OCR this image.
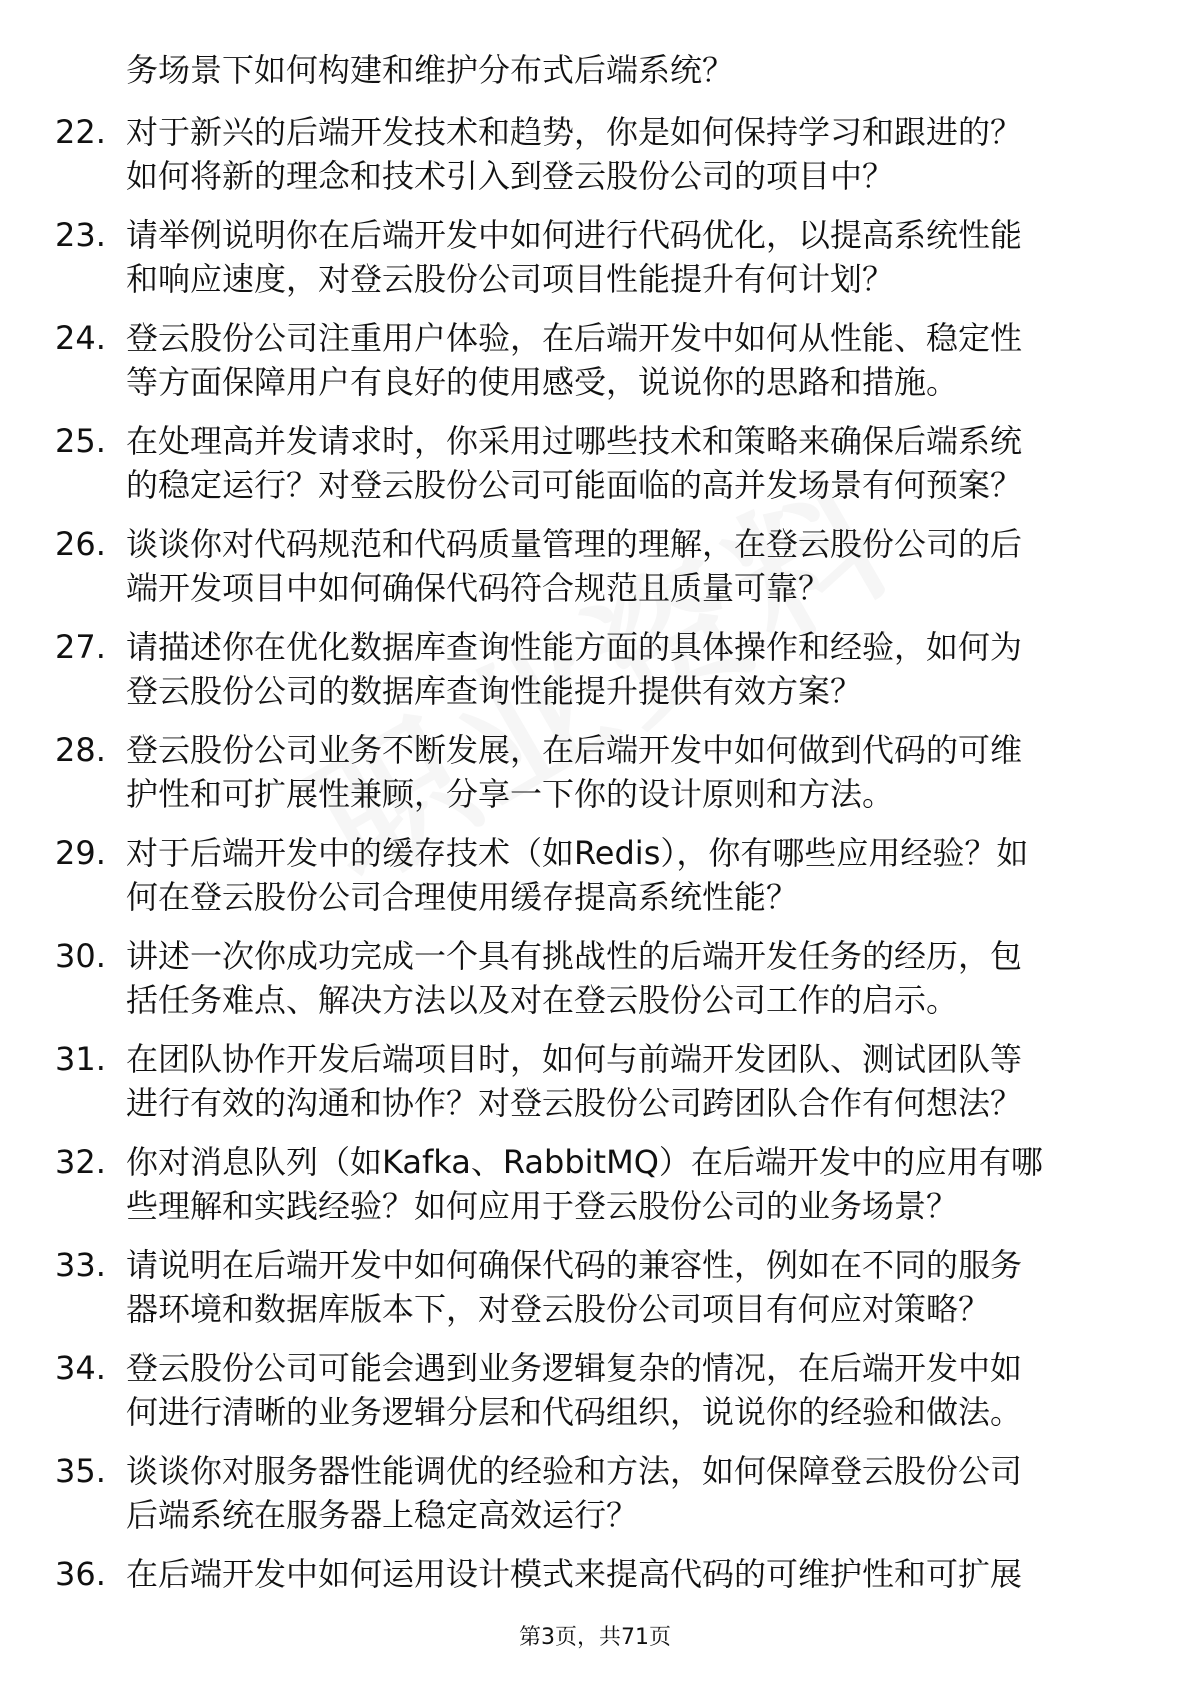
务场景下如何构建和维护分布式后端系统？
22. 对于新兴的后端开发技术和趋势，你是如何保持学习和跟进的？
如何将新的理念和技术引入到登云股份公司的项目中？
23. 请举例说明你在后端开发中如何进行代码优化，以提高系统性能
和响应速度，对登云股份公司项目性能提升有何计划？
24. 登云股份公司注重用户体验，在后端开发中如何从性能、稳定性
等方面保障用户有良好的使用感受，说说你的思路和措施。
25. 在处理高并发请求时，你采用过哪些技术和策略来确保后端系统
的稳定运行？对登云股份公司可能面临的高并发场景有何预案？
26. 谈谈你对代码规范和代码质量管理的理解，在登云股份公司的后
端开发项目中如何确保代码符合规范且质量可靠？
27. 请描述你在优化数据库查询性能方面的具体操作和经验，如何为
登云股份公司的数据库查询性能提升提供有效方案？
28. 登云股份公司业务不断发展，在后端开发中如何做到代码的可维
护性和可扩展性兼顾，分享一下你的设计原则和方法。
29. 对于后端开发中的缓存技术（如Redis），你有哪些应用经验？如
何在登云股份公司合理使用缓存提高系统性能？
30. 讲述一次你成功完成一个具有挑战性的后端开发任务的经历，包
括任务难点、解决方法以及对在登云股份公司工作的启示。
31. 在团队协作开发后端项目时，如何与前端开发团队、测试团队等
进行有效的沟通和协作？对登云股份公司跨团队合作有何想法？
32. 你对消息队列（如Kafka、RabbitMQ）在后端开发中的应用有哪
些理解和实践经验？如何应用于登云股份公司的业务场景？
33. 请说明在后端开发中如何确保代码的兼容性，例如在不同的服务
器环境和数据库版本下，对登云股份公司项目有何应对策略？
34. 登云股份公司可能会遇到业务逻辑复杂的情况，在后端开发中如
何进行清晰的业务逻辑分层和代码组织，说说你的经验和做法。
35. 谈谈你对服务器性能调优的经验和方法，如何保障登云股份公司
后端系统在服务器上稳定高效运行？
36. 在后端开发中如何运用设计模式来提高代码的可维护性和可扩展
第3页，共71页
